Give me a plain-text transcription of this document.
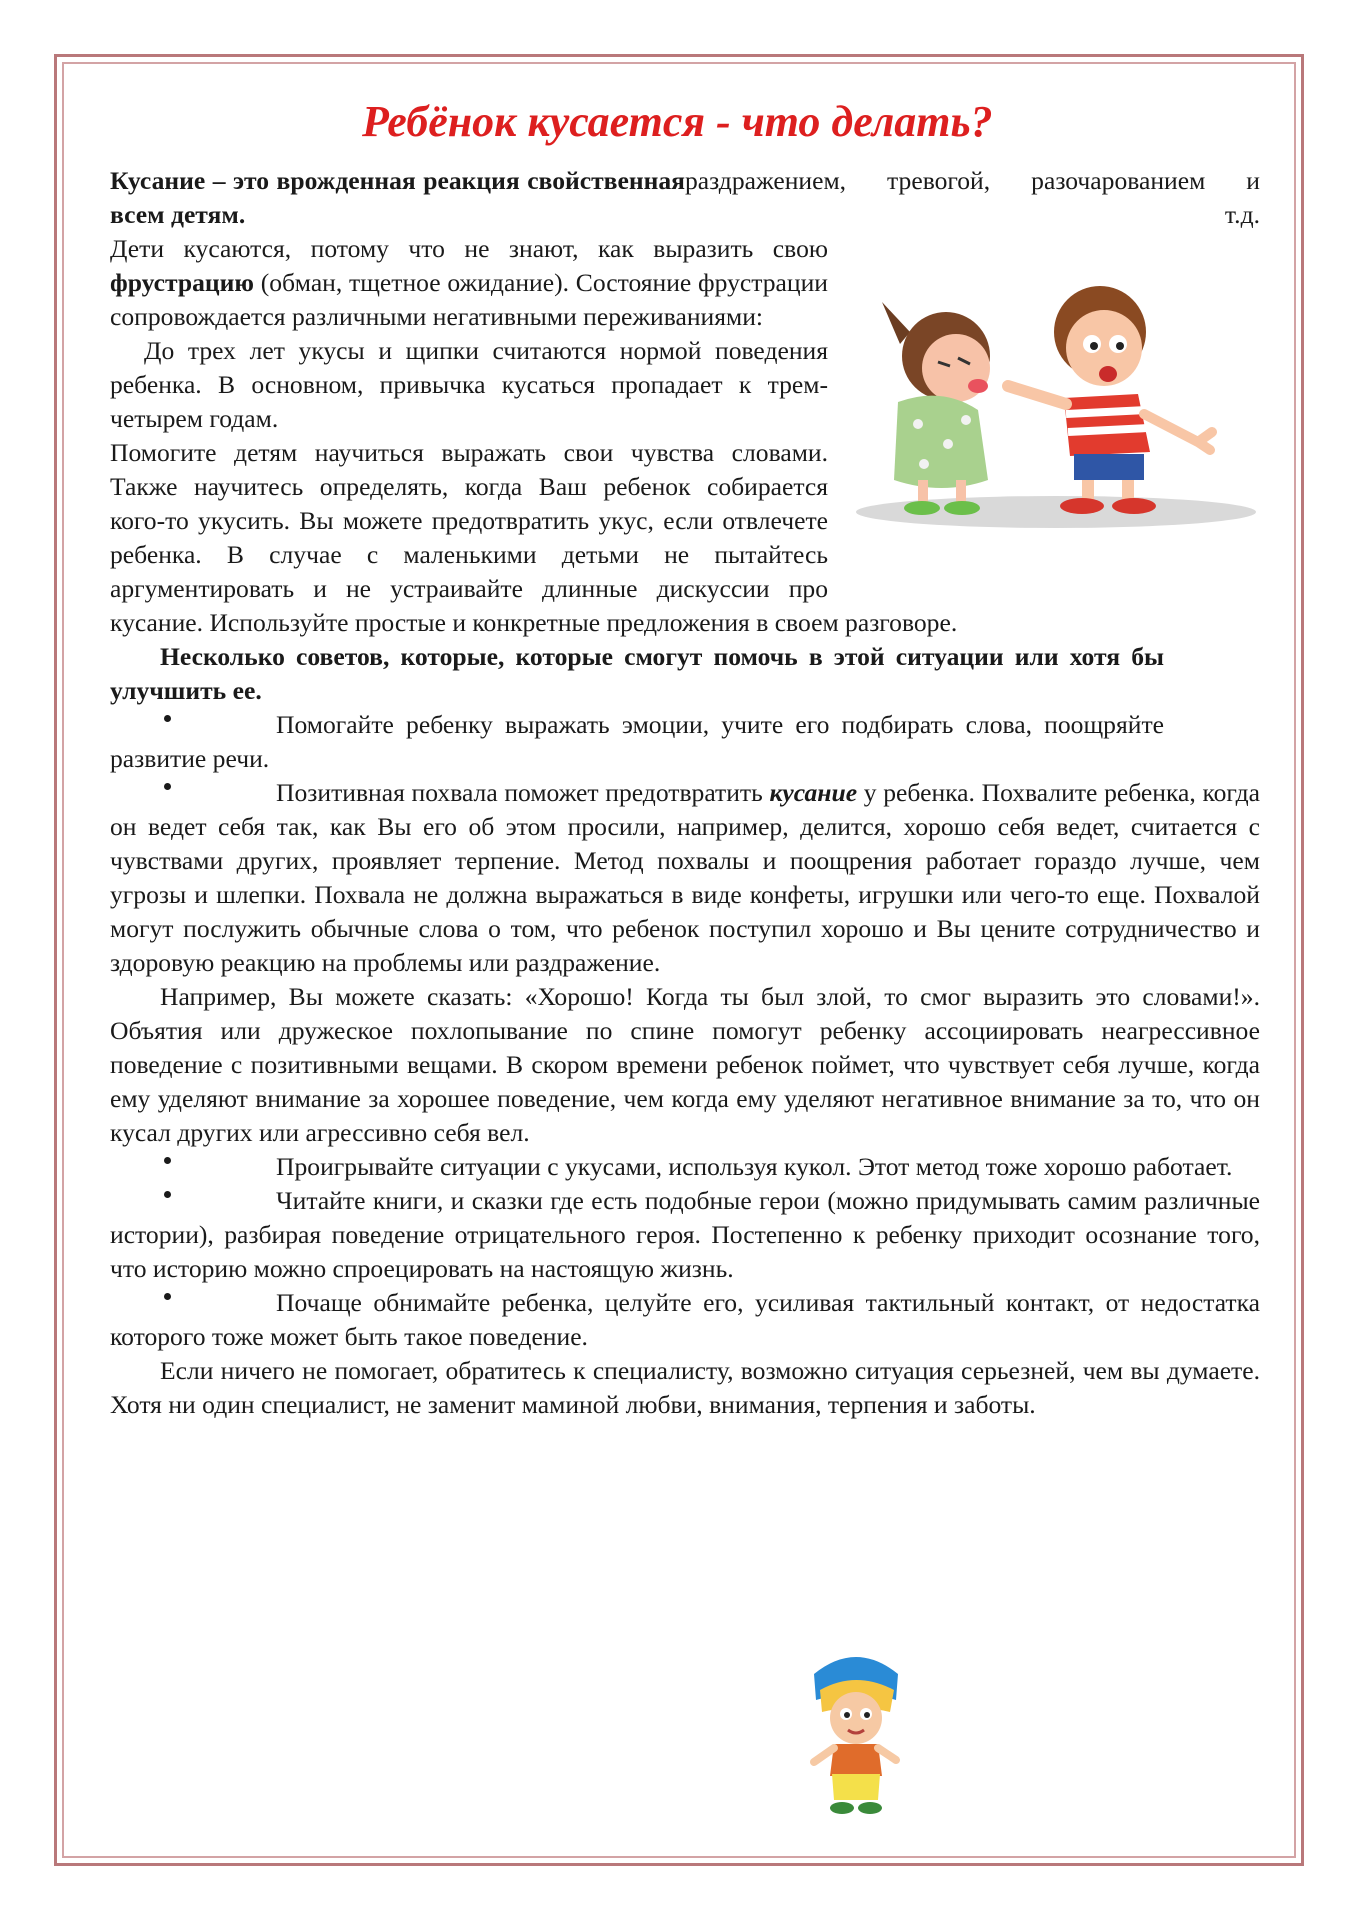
Ребёнок кусается - что делать?
Кусание – это врожденная реакция свойственная всем детям.
раздражением, тревогой, разочарованием и
т.д.

Дети кусаются, потому что не знают, как выразить свою фрустрацию (обман, тщетное ожидание). Состояние фрустрации сопровождается различными негативными переживаниями:

До трех лет укусы и щипки считаются нормой поведения ребенка. В основном, привычка кусаться пропадает к трем-четырем годам.

Помогите детям научиться выражать свои чувства словами. Также научитесь определять, когда Ваш ребенок собирается кого-то укусить. Вы можете предотвратить укус, если отвлечете ребенка. В случае с маленькими детьми не пытайтесь аргументировать и не устраивайте длинные дискуссии про кусание. Используйте простые и конкретные предложения в своем разговоре.

Несколько советов, которые, которые смогут помочь в этой ситуации или хотя бы улучшить ее.

Помогайте ребенку выражать эмоции, учите его подбирать слова, поощряйте развитие речи.

Позитивная похвала поможет предотвратить кусание у ребенка. Похвалите ребенка, когда он ведет себя так, как Вы его об этом просили, например, делится, хорошо себя ведет, считается с чувствами других, проявляет терпение. Метод похвалы и поощрения работает гораздо лучше, чем угрозы и шлепки. Похвала не должна выражаться в виде конфеты, игрушки или чего-то еще. Похвалой могут послужить обычные слова о том, что ребенок поступил хорошо и Вы цените сотрудничество и здоровую реакцию на проблемы или раздражение.

Например, Вы можете сказать: «Хорошо! Когда ты был злой, то смог выразить это словами!». Объятия или дружеское похлопывание по спине помогут ребенку ассоциировать неагрессивное поведение с позитивными вещами. В скором времени ребенок поймет, что чувствует себя лучше, когда ему уделяют внимание за хорошее поведение, чем когда ему уделяют негативное внимание за то, что он кусал других или агрессивно себя вел.

Проигрывайте ситуации с укусами, используя кукол. Этот метод тоже хорошо работает.

Читайте книги, и сказки где есть подобные герои (можно придумывать самим различные истории), разбирая поведение отрицательного героя. Постепенно к ребенку приходит осознание того, что историю можно спроецировать на настоящую жизнь.

Почаще обнимайте ребенка, целуйте его, усиливая тактильный контакт, от недостатка которого тоже может быть такое поведение.

Если ничего не помогает, обратитесь к специалисту, возможно ситуация серьезней, чем вы думаете. Хотя ни один специалист, не заменит маминой любви, внимания, терпения и заботы.
